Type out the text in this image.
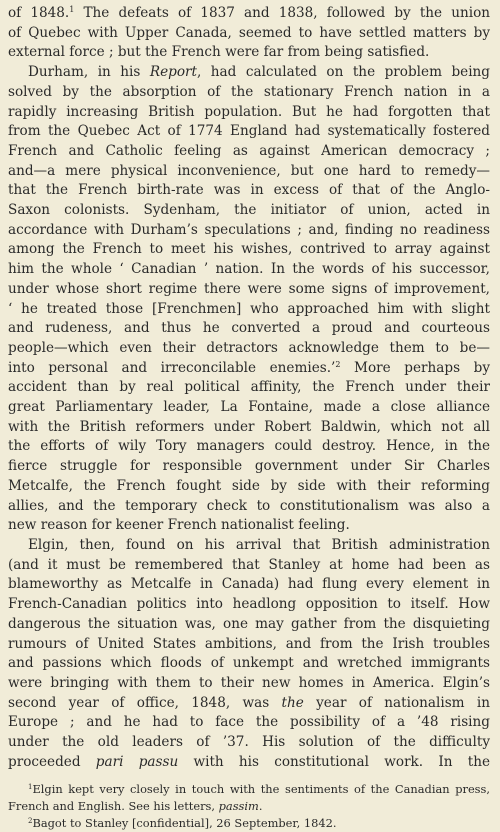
of 1848.$^1$ The defeats of 1837 and 1838, followed by the union
of Quebec with Upper Canada, seemed to have settled matters by
external force ; but the French were far from being satisfied.

Durham, in his Report, had calculated on the problem being
solved by the absorption of the stationary French nation in a
rapidly increasing British population. But he had forgotten that
from the Quebec Act of 1774 England had systematically fostered
French and Catholic feeling as against American democracy ;
and—a mere physical inconvenience, but one hard to remedy—
that the French birth-rate was in excess of that of the Anglo-
Saxon colonists. Sydenham, the initiator of union, acted in
accordance with Durham’s speculations ; and, finding no readiness
among the French to meet his wishes, contrived to array against
him the whole ‘ Canadian ’ nation. In the words of his successor,
under whose short regime there were some signs of improvement,
‘ he treated those [Frenchmen] who approached him with slight
and rudeness, and thus he converted a proud and courteous
people—which even their detractors acknowledge them to be—
into personal and irreconcilable enemies.’$^2$ More perhaps by
accident than by real political affinity, the French under their
great Parliamentary leader, La Fontaine, made a close alliance
with the British reformers under Robert Baldwin, which not all
the efforts of wily Tory managers could destroy. Hence, in the
fierce struggle for responsible government under Sir Charles
Metcalfe, the French fought side by side with their reforming
allies, and the temporary check to constitutionalism was also a
new reason for keener French nationalist feeling.

Elgin, then, found on his arrival that British administration
(and it must be remembered that Stanley at home had been as
blameworthy as Metcalfe in Canada) had flung every element in
French-Canadian politics into headlong opposition to itself. How
dangerous the situation was, one may gather from the disquieting
rumours of United States ambitions, and from the Irish troubles
and passions which floods of unkempt and wretched immigrants
were bringing with them to their new homes in America. Elgin’s
second year of office, 1848, was the year of nationalism in
Europe ; and he had to face the possibility of a ’48 rising
under the old leaders of ’37. His solution of the difficulty
proceeded pari passu with his constitutional work. In the

$^1$Elgin kept very closely in touch with the sentiments of the Canadian press,
French and English. See his letters, passim.

$^2$Bagot to Stanley [confidential], 26 September, 1842.
